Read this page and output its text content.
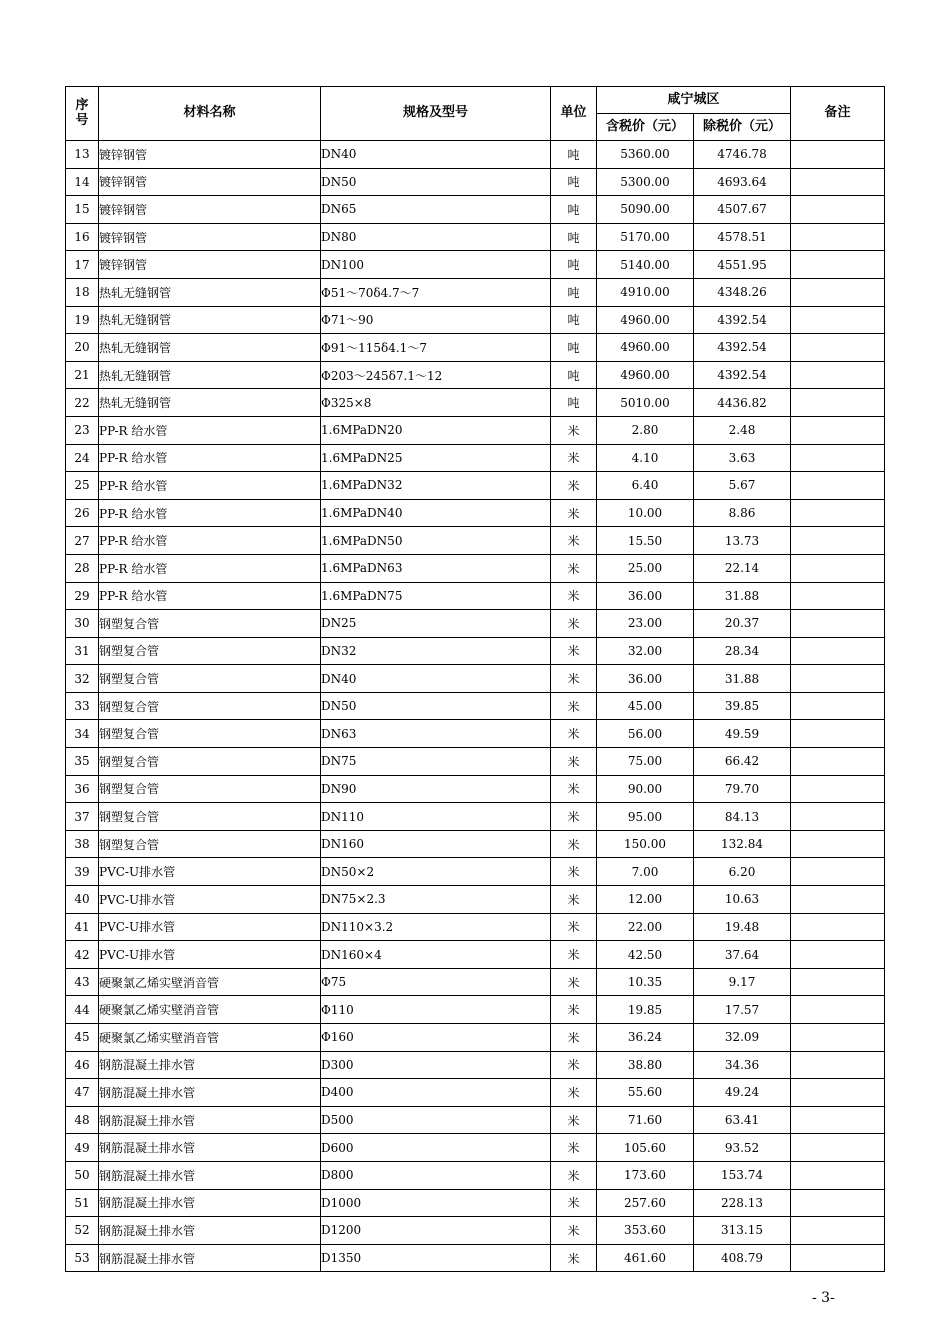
序
号	材料名称	规格及型号	单位	咸宁城区		备注
				含税价（元）	除税价（元）	
13	镀锌钢管	DN40	吨	5360.00	4746.78	
14	镀锌钢管	DN50	吨	5300.00	4693.64	
15	镀锌钢管	DN65	吨	5090.00	4507.67	
16	镀锌钢管	DN80	吨	5170.00	4578.51	
17	镀锌钢管	DN100	吨	5140.00	4551.95	
18	热轧无缝钢管	Φ51～70δ4.7～7	吨	4910.00	4348.26	
19	热轧无缝钢管	Φ71～90	吨	4960.00	4392.54	
20	热轧无缝钢管	Φ91～115δ4.1～7	吨	4960.00	4392.54	
21	热轧无缝钢管	Φ203～245δ7.1～12	吨	4960.00	4392.54	
22	热轧无缝钢管	Φ325×8	吨	5010.00	4436.82	
23	PP-R 给水管	1.6MPaDN20	米	2.80	2.48	
24	PP-R 给水管	1.6MPaDN25	米	4.10	3.63	
25	PP-R 给水管	1.6MPaDN32	米	6.40	5.67	
26	PP-R 给水管	1.6MPaDN40	米	10.00	8.86	
27	PP-R 给水管	1.6MPaDN50	米	15.50	13.73	
28	PP-R 给水管	1.6MPaDN63	米	25.00	22.14	
29	PP-R 给水管	1.6MPaDN75	米	36.00	31.88	
30	钢塑复合管	DN25	米	23.00	20.37	
31	钢塑复合管	DN32	米	32.00	28.34	
32	钢塑复合管	DN40	米	36.00	31.88	
33	钢塑复合管	DN50	米	45.00	39.85	
34	钢塑复合管	DN63	米	56.00	49.59	
35	钢塑复合管	DN75	米	75.00	66.42	
36	钢塑复合管	DN90	米	90.00	79.70	
37	钢塑复合管	DN110	米	95.00	84.13	
38	钢塑复合管	DN160	米	150.00	132.84	
39	PVC-U排水管	DN50×2	米	7.00	6.20	
40	PVC-U排水管	DN75×2.3	米	12.00	10.63	
41	PVC-U排水管	DN110×3.2	米	22.00	19.48	
42	PVC-U排水管	DN160×4	米	42.50	37.64	
43	硬聚氯乙烯实壁消音管	Φ75	米	10.35	9.17	
44	硬聚氯乙烯实壁消音管	Φ110	米	19.85	17.57	
45	硬聚氯乙烯实壁消音管	Φ160	米	36.24	32.09	
46	钢筋混凝土排水管	D300	米	38.80	34.36	
47	钢筋混凝土排水管	D400	米	55.60	49.24	
48	钢筋混凝土排水管	D500	米	71.60	63.41	
49	钢筋混凝土排水管	D600	米	105.60	93.52	
50	钢筋混凝土排水管	D800	米	173.60	153.74	
51	钢筋混凝土排水管	D1000	米	257.60	228.13	
52	钢筋混凝土排水管	D1200	米	353.60	313.15	
53	钢筋混凝土排水管	D1350	米	461.60	408.79	
- 3-
